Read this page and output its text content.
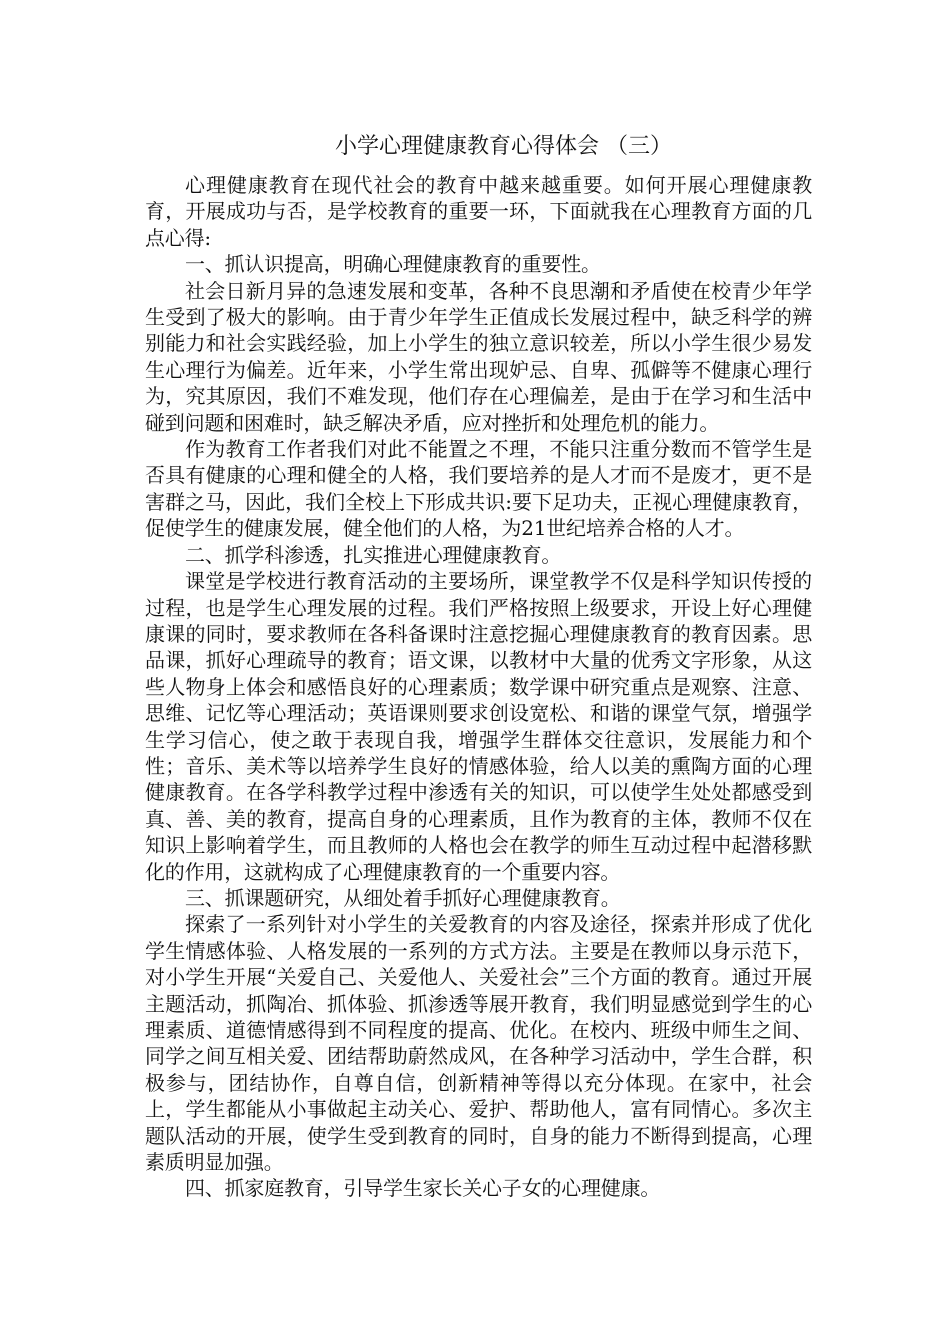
小学心理健康教育心得体会 （三）

心理健康教育在现代社会的教育中越来越重要。如何开展心理健康教育，开展成功与否，是学校教育的重要一环，下面就我在心理教育方面的几点心得:

一、抓认识提高，明确心理健康教育的重要性。

社会日新月异的急速发展和变革，各种不良思潮和矛盾使在校青少年学生受到了极大的影响。由于青少年学生正值成长发展过程中，缺乏科学的辨别能力和社会实践经验，加上小学生的独立意识较差，所以小学生很少易发生心理行为偏差。近年来，小学生常出现妒忌、自卑、孤僻等不健康心理行为，究其原因，我们不难发现，他们存在心理偏差，是由于在学习和生活中碰到问题和困难时，缺乏解决矛盾，应对挫折和处理危机的能力。

作为教育工作者我们对此不能置之不理，不能只注重分数而不管学生是否具有健康的心理和健全的人格，我们要培养的是人才而不是废才，更不是害群之马，因此，我们全校上下形成共识:要下足功夫，正视心理健康教育，促使学生的健康发展，健全他们的人格，为21世纪培养合格的人才。

二、抓学科渗透，扎实推进心理健康教育。

课堂是学校进行教育活动的主要场所，课堂教学不仅是科学知识传授的过程，也是学生心理发展的过程。我们严格按照上级要求，开设上好心理健康课的同时，要求教师在各科备课时注意挖掘心理健康教育的教育因素。思品课，抓好心理疏导的教育；语文课，以教材中大量的优秀文字形象，从这些人物身上体会和感悟良好的心理素质；数学课中研究重点是观察、注意、思维、记忆等心理活动；英语课则要求创设宽松、和谐的课堂气氛，增强学生学习信心，使之敢于表现自我，增强学生群体交往意识，发展能力和个性；音乐、美术等以培养学生良好的情感体验，给人以美的熏陶方面的心理健康教育。在各学科教学过程中渗透有关的知识，可以使学生处处都感受到真、善、美的教育，提高自身的心理素质，且作为教育的主体，教师不仅在知识上影响着学生，而且教师的人格也会在教学的师生互动过程中起潜移默化的作用，这就构成了心理健康教育的一个重要内容。

三、抓课题研究，从细处着手抓好心理健康教育。

探索了一系列针对小学生的关爱教育的内容及途径，探索并形成了优化学生情感体验、人格发展的一系列的方式方法。主要是在教师以身示范下，对小学生开展“关爱自己、关爱他人、关爱社会”三个方面的教育。通过开展主题活动，抓陶冶、抓体验、抓渗透等展开教育，我们明显感觉到学生的心理素质、道德情感得到不同程度的提高、优化。在校内、班级中师生之间、同学之间互相关爱、团结帮助蔚然成风，在各种学习活动中，学生合群，积极参与，团结协作，自尊自信，创新精神等得以充分体现。在家中，社会上，学生都能从小事做起主动关心、爱护、帮助他人，富有同情心。多次主题队活动的开展，使学生受到教育的同时，自身的能力不断得到提高，心理素质明显加强。

四、抓家庭教育，引导学生家长关心子女的心理健康。
